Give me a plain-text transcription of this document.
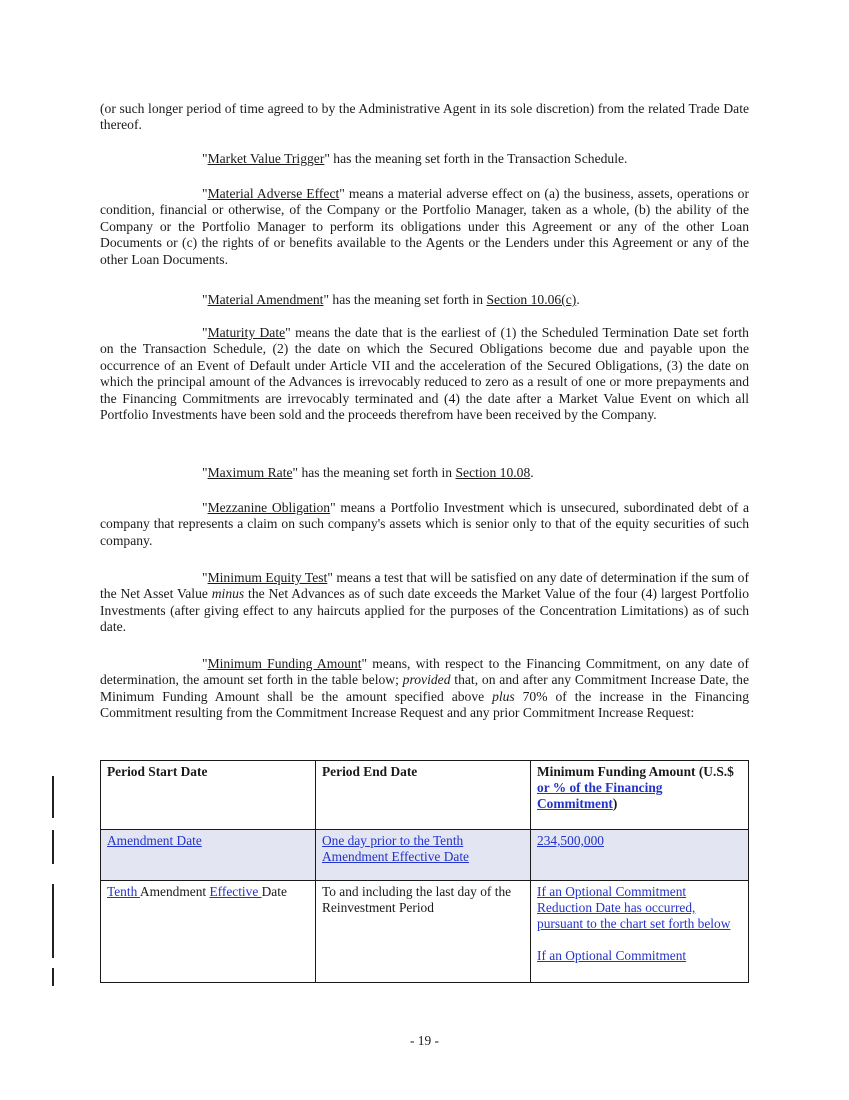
(or such longer period of time agreed to by the Administrative Agent in its sole discretion) from the related Trade Date thereof.

"Market Value Trigger" has the meaning set forth in the Transaction Schedule.

"Material Adverse Effect" means a material adverse effect on (a) the business, assets, operations or condition, financial or otherwise, of the Company or the Portfolio Manager, taken as a whole, (b) the ability of the Company or the Portfolio Manager to perform its obligations under this Agreement or any of the other Loan Documents or (c) the rights of or benefits available to the Agents or the Lenders under this Agreement or any of the other Loan Documents.

"Material Amendment" has the meaning set forth in Section 10.06(c).

"Maturity Date" means the date that is the earliest of (1) the Scheduled Termination Date set forth on the Transaction Schedule, (2) the date on which the Secured Obligations become due and payable upon the occurrence of an Event of Default under Article VII and the acceleration of the Secured Obligations, (3) the date on which the principal amount of the Advances is irrevocably reduced to zero as a result of one or more prepayments and the Financing Commitments are irrevocably terminated and (4) the date after a Market Value Event on which all Portfolio Investments have been sold and the proceeds therefrom have been received by the Company.

"Maximum Rate" has the meaning set forth in Section 10.08.

"Mezzanine Obligation" means a Portfolio Investment which is unsecured, subordinated debt of a company that represents a claim on such company's assets which is senior only to that of the equity securities of such company.

"Minimum Equity Test" means a test that will be satisfied on any date of determination if the sum of the Net Asset Value minus the Net Advances as of such date exceeds the Market Value of the four (4) largest Portfolio Investments (after giving effect to any haircuts applied for the purposes of the Concentration Limitations) as of such date.

"Minimum Funding Amount" means, with respect to the Financing Commitment, on any date of determination, the amount set forth in the table below; provided that, on and after any Commitment Increase Date, the Minimum Funding Amount shall be the amount specified above plus 70% of the increase in the Financing Commitment resulting from the Commitment Increase Request and any prior Commitment Increase Request:

Period Start Date	Period End Date	Minimum Funding Amount (U.S.$ or % of the Financing Commitment)
Amendment Date	One day prior to the Tenth Amendment Effective Date	234,500,000
Tenth Amendment Effective Date	To and including the last day of the Reinvestment Period	If an Optional Commitment Reduction Date has occurred, pursuant to the chart set forth below
If an Optional Commitment
- 19 -
